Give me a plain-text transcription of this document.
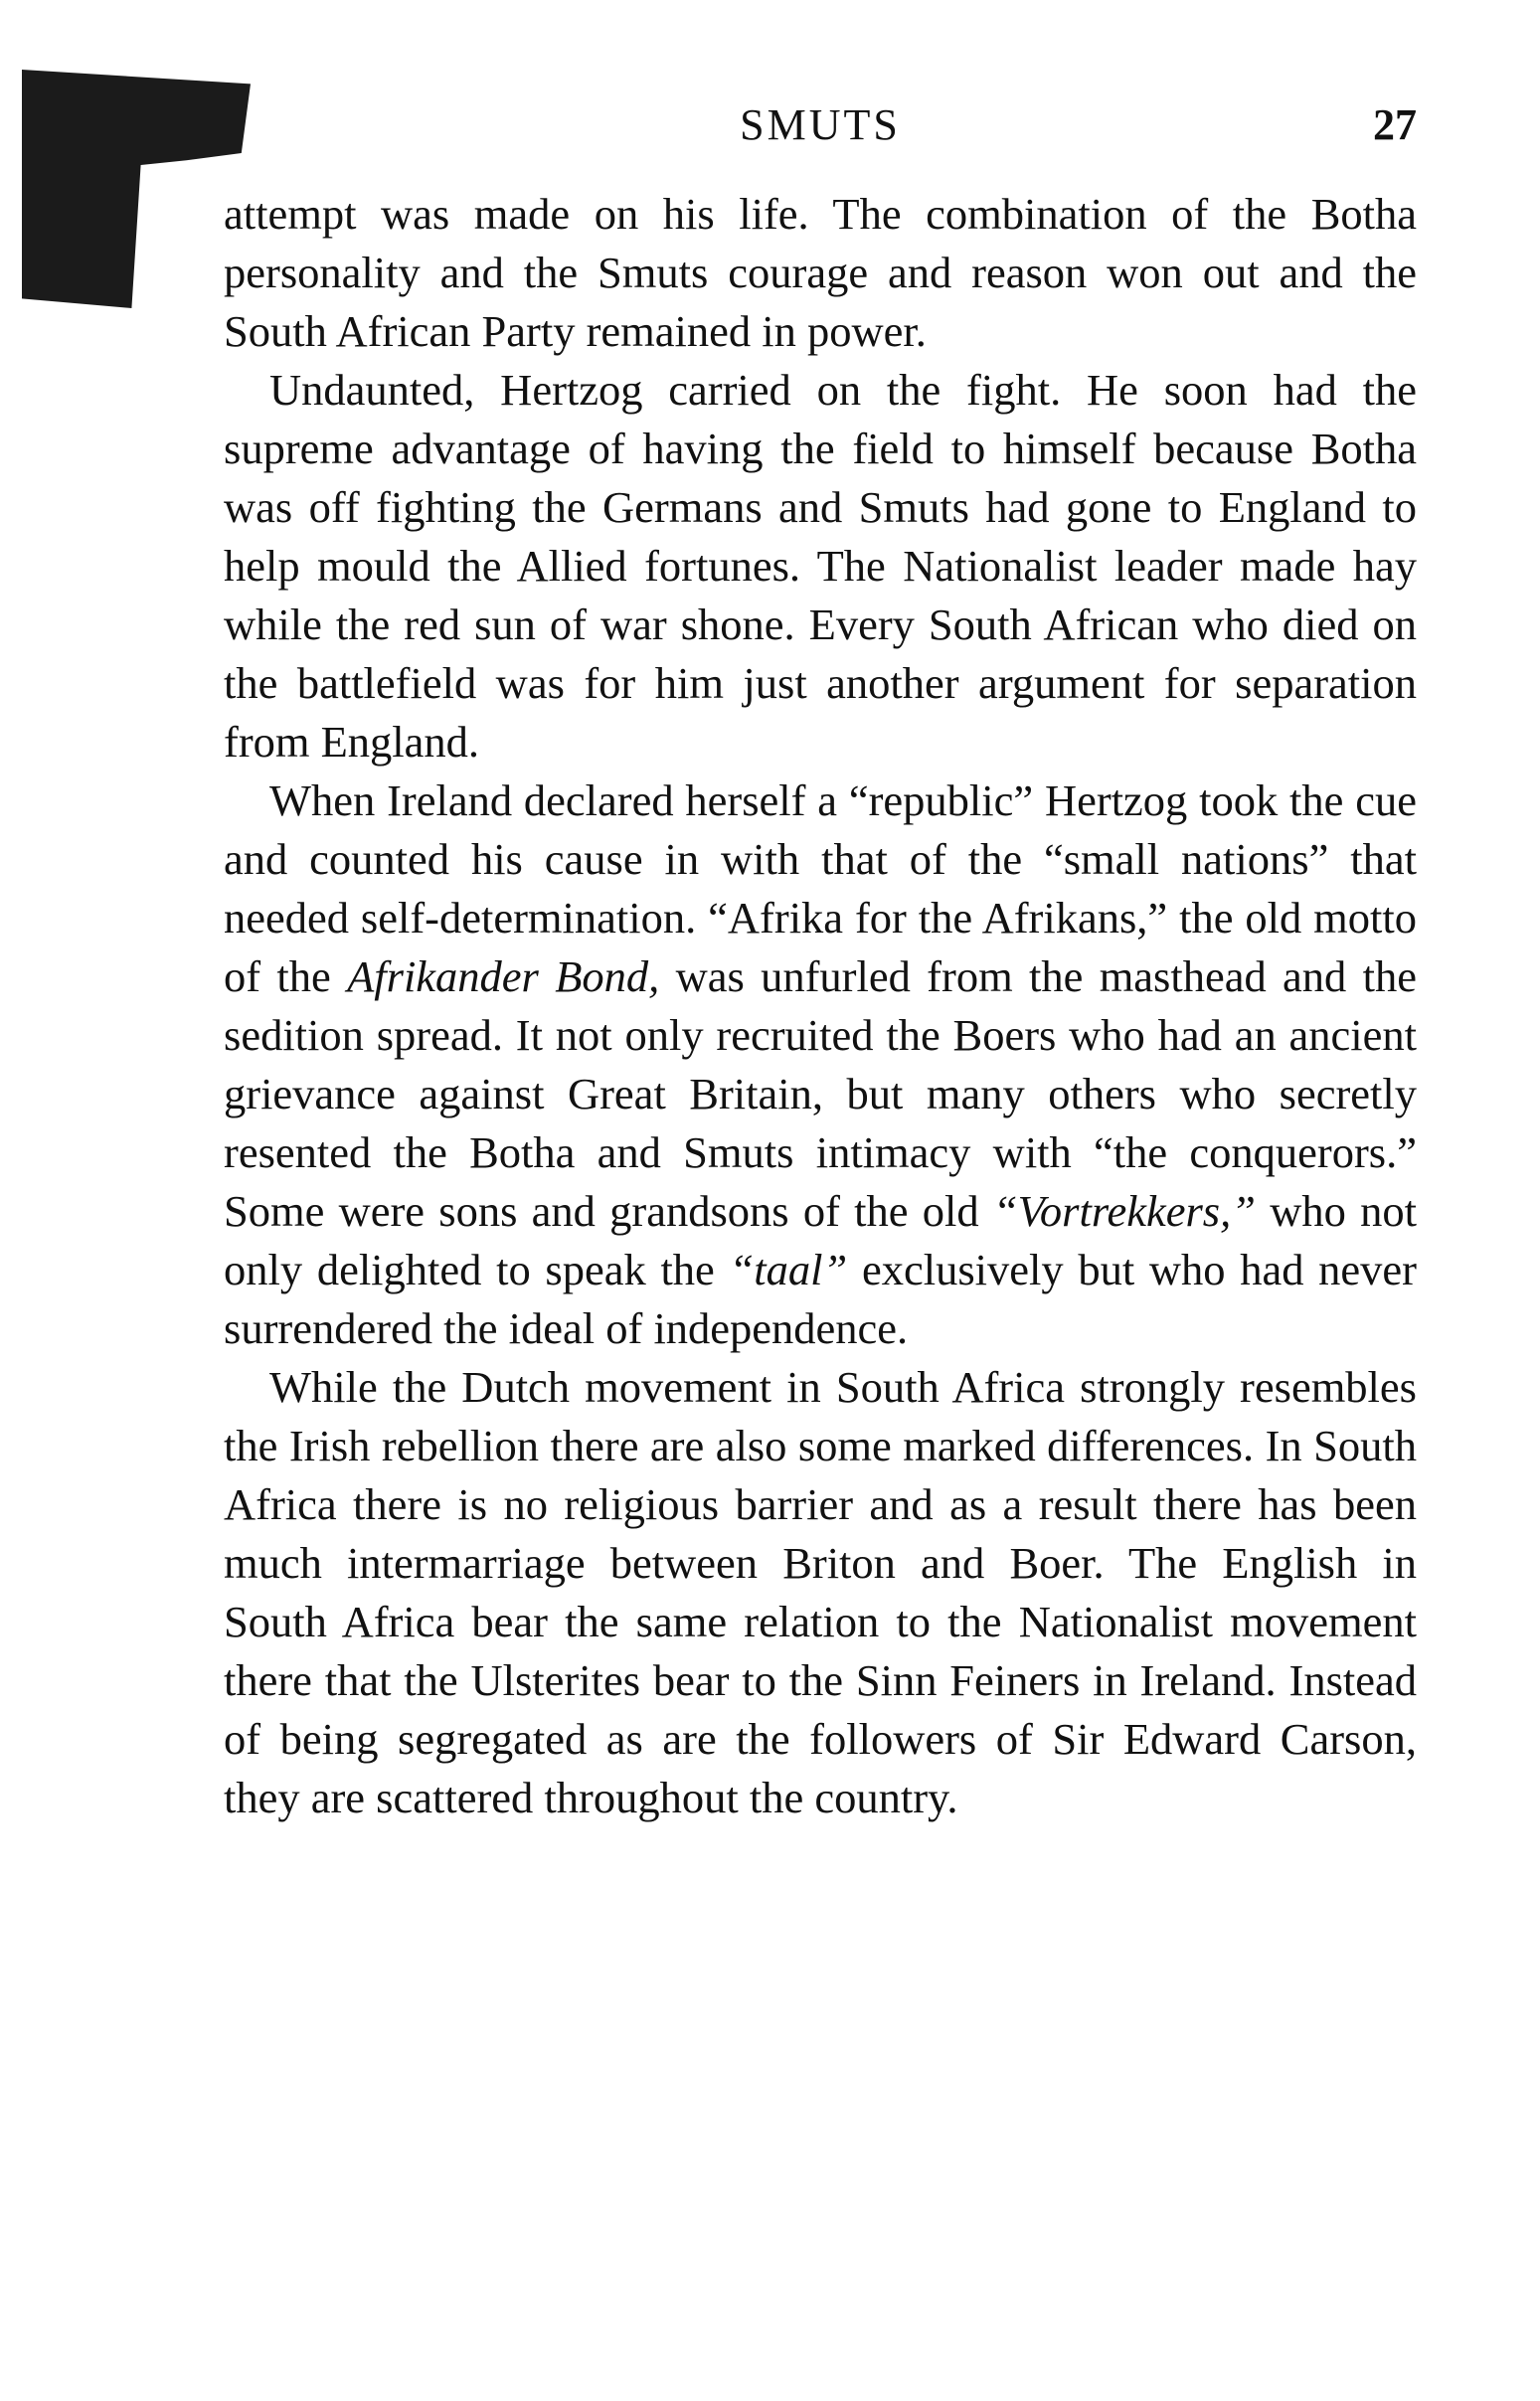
SMUTS	27

attempt was made on his life. The combination of the Botha personality and the Smuts courage and reason won out and the South African Party remained in power.

Undaunted, Hertzog carried on the fight. He soon had the supreme advantage of having the field to himself because Botha was off fighting the Germans and Smuts had gone to England to help mould the Allied fortunes. The Nationalist leader made hay while the red sun of war shone. Every South African who died on the battlefield was for him just another argument for separation from England.

When Ireland declared herself a “republic” Hertzog took the cue and counted his cause in with that of the “small nations” that needed self-determination. “Afrika for the Afrikans,” the old motto of the Afrikander Bond, was unfurled from the masthead and the sedition spread. It not only recruited the Boers who had an ancient grievance against Great Britain, but many others who secretly resented the Botha and Smuts intimacy with “the conquerors.” Some were sons and grandsons of the old “Vortrekkers,” who not only delighted to speak the “taal” exclusively but who had never surrendered the ideal of independence.

While the Dutch movement in South Africa strongly resembles the Irish rebellion there are also some marked differences. In South Africa there is no religious barrier and as a result there has been much intermarriage between Briton and Boer. The English in South Africa bear the same relation to the Nationalist movement there that the Ulsterites bear to the Sinn Feiners in Ireland. Instead of being segregated as are the followers of Sir Edward Carson, they are scattered throughout the country.
